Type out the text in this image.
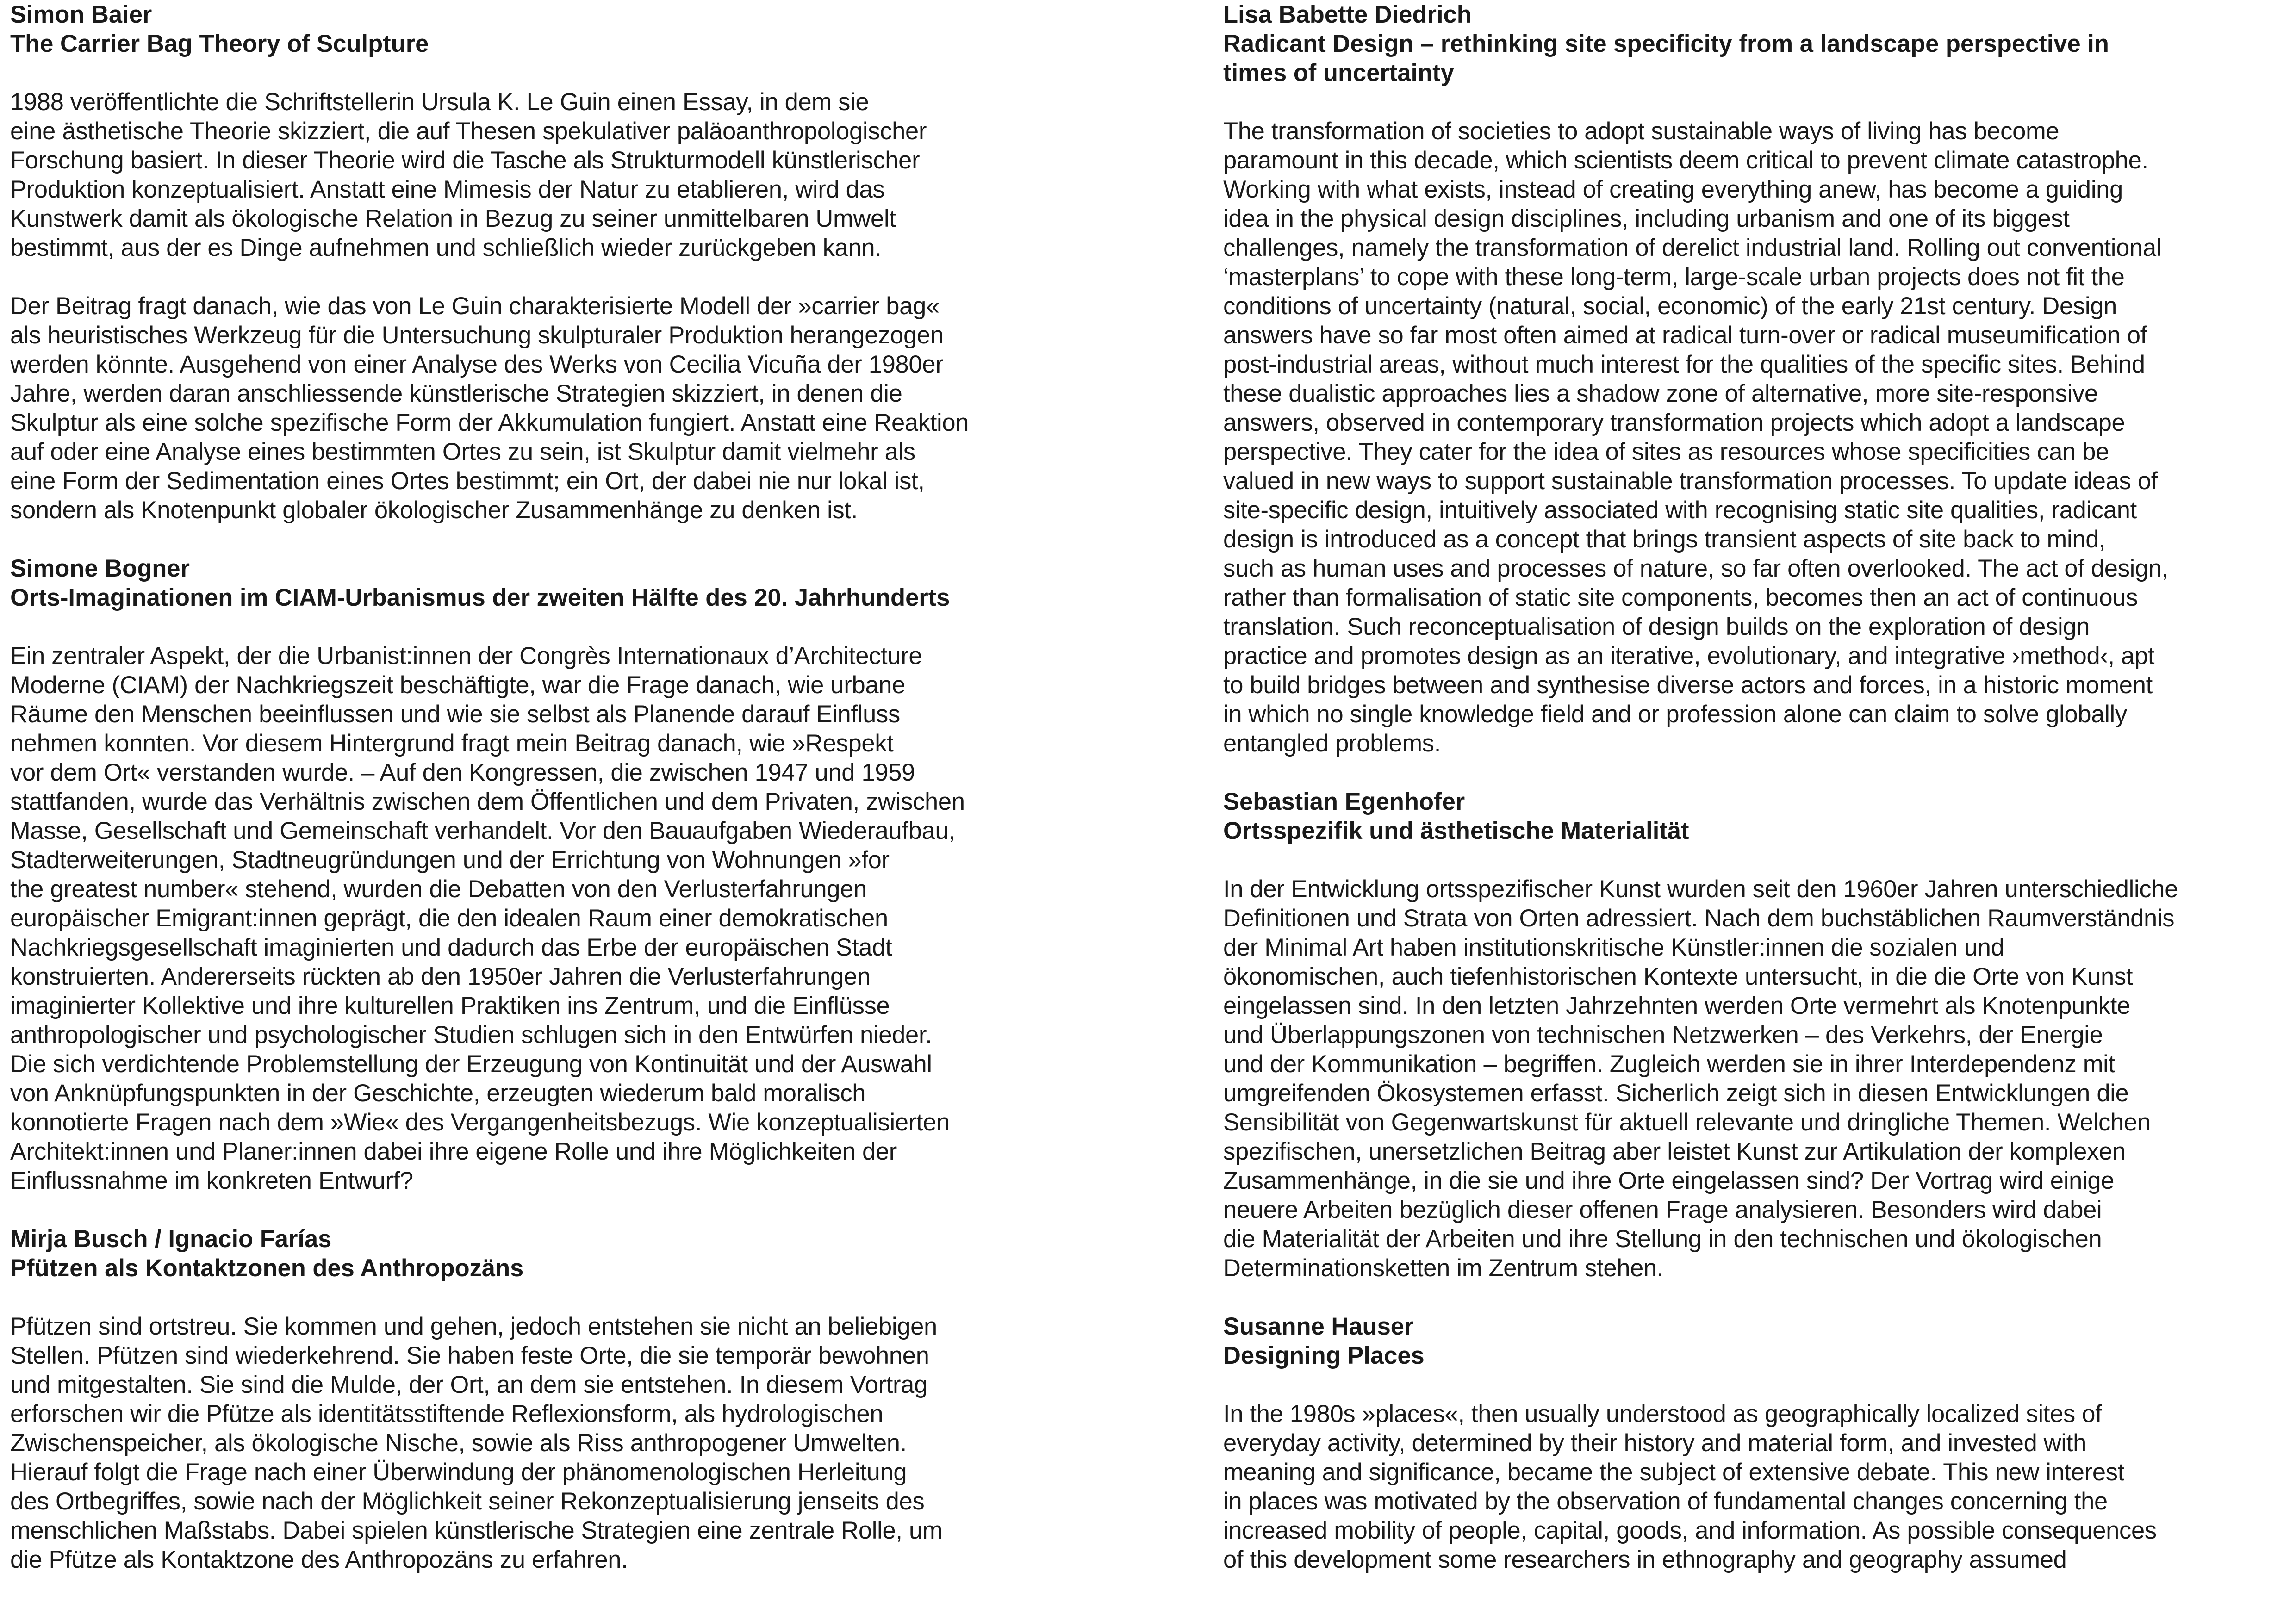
Simon Baier
The Carrier Bag Theory of Sculpture
1988 veröffentlichte die Schriftstellerin Ursula K. Le Guin einen Essay, in dem sie
eine ästhetische Theorie skizziert, die auf Thesen spekulativer paläoanthropologischer
Forschung basiert. In dieser Theorie wird die Tasche als Strukturmodell künstlerischer
Produktion konzeptualisiert. Anstatt eine Mimesis der Natur zu etablieren, wird das
Kunstwerk damit als ökologische Relation in Bezug zu seiner unmittelbaren Umwelt
bestimmt, aus der es Dinge aufnehmen und schließlich wieder zurückgeben kann.
Der Beitrag fragt danach, wie das von Le Guin charakterisierte Modell der »carrier bag«
als heuristisches Werkzeug für die Untersuchung skulpturaler Produktion herangezogen
werden könnte. Ausgehend von einer Analyse des Werks von Cecilia Vicuña der 1980er
Jahre, werden daran anschliessende künstlerische Strategien skizziert, in denen die
Skulptur als eine solche spezifische Form der Akkumulation fungiert. Anstatt eine Reaktion
auf oder eine Analyse eines bestimmten Ortes zu sein, ist Skulptur damit vielmehr als
eine Form der Sedimentation eines Ortes bestimmt; ein Ort, der dabei nie nur lokal ist,
sondern als Knotenpunkt globaler ökologischer Zusammenhänge zu denken ist.
Simone Bogner
Orts-Imaginationen im CIAM-Urbanismus der zweiten Hälfte des 20. Jahrhunderts
Ein zentraler Aspekt, der die Urbanist:innen der Congrès Internationaux d’Architecture
Moderne (CIAM) der Nachkriegszeit beschäftigte, war die Frage danach, wie urbane
Räume den Menschen beeinflussen und wie sie selbst als Planende darauf Einfluss
nehmen konnten. Vor diesem Hintergrund fragt mein Beitrag danach, wie »Respekt
vor dem Ort« verstanden wurde. – Auf den Kongressen, die zwischen 1947 und 1959
stattfanden, wurde das Verhältnis zwischen dem Öffentlichen und dem Privaten, zwischen
Masse, Gesellschaft und Gemeinschaft verhandelt. Vor den Bauaufgaben Wiederaufbau,
Stadterweiterungen, Stadtneugründungen und der Errichtung von Wohnungen »for
the greatest number« stehend, wurden die Debatten von den Verlusterfahrungen
europäischer Emigrant:innen geprägt, die den idealen Raum einer demokratischen
Nachkriegsgesellschaft imaginierten und dadurch das Erbe der europäischen Stadt
konstruierten. Andererseits rückten ab den 1950er Jahren die Verlusterfahrungen
imaginierter Kollektive und ihre kulturellen Praktiken ins Zentrum, und die Einflüsse
anthropologischer und psychologischer Studien schlugen sich in den Entwürfen nieder.
Die sich verdichtende Problemstellung der Erzeugung von Kontinuität und der Auswahl
von Anknüpfungspunkten in der Geschichte, erzeugten wiederum bald moralisch
konnotierte Fragen nach dem »Wie« des Vergangenheitsbezugs. Wie konzeptualisierten
Architekt:innen und Planer:innen dabei ihre eigene Rolle und ihre Möglichkeiten der
Einflussnahme im konkreten Entwurf?
Mirja Busch / Ignacio Farías
Pfützen als Kontaktzonen des Anthropozäns
Pfützen sind ortstreu. Sie kommen und gehen, jedoch entstehen sie nicht an beliebigen
Stellen. Pfützen sind wiederkehrend. Sie haben feste Orte, die sie temporär bewohnen
und mitgestalten. Sie sind die Mulde, der Ort, an dem sie entstehen. In diesem Vortrag
erforschen wir die Pfütze als identitätsstiftende Reflexionsform, als hydrologischen
Zwischenspeicher, als ökologische Nische, sowie als Riss anthropogener Umwelten.
Hierauf folgt die Frage nach einer Überwindung der phänomenologischen Herleitung
des Ortbegriffes, sowie nach der Möglichkeit seiner Rekonzeptualisierung jenseits des
menschlichen Maßstabs. Dabei spielen künstlerische Strategien eine zentrale Rolle, um
die Pfütze als Kontaktzone des Anthropozäns zu erfahren.
Lisa Babette Diedrich
Radicant Design – rethinking site specificity from a landscape perspective in
times of uncertainty
The transformation of societies to adopt sustainable ways of living has become
paramount in this decade, which scientists deem critical to prevent climate catastrophe.
Working with what exists, instead of creating everything anew, has become a guiding
idea in the physical design disciplines, including urbanism and one of its biggest
challenges, namely the transformation of derelict industrial land. Rolling out conventional
‘masterplans’ to cope with these long-term, large-scale urban projects does not fit the
conditions of uncertainty (natural, social, economic) of the early 21st century. Design
answers have so far most often aimed at radical turn-over or radical museumification of
post-industrial areas, without much interest for the qualities of the specific sites. Behind
these dualistic approaches lies a shadow zone of alternative, more site-responsive
answers, observed in contemporary transformation projects which adopt a landscape
perspective. They cater for the idea of sites as resources whose specificities can be
valued in new ways to support sustainable transformation processes. To update ideas of
site-specific design, intuitively associated with recognising static site qualities, radicant
design is introduced as a concept that brings transient aspects of site back to mind,
such as human uses and processes of nature, so far often overlooked. The act of design,
rather than formalisation of static site components, becomes then an act of continuous
translation. Such reconceptualisation of design builds on the exploration of design
practice and promotes design as an iterative, evolutionary, and integrative ›method‹, apt
to build bridges between and synthesise diverse actors and forces, in a historic moment
in which no single knowledge field and or profession alone can claim to solve globally
entangled problems.
Sebastian Egenhofer
Ortsspezifik und ästhetische Materialität
In der Entwicklung ortsspezifischer Kunst wurden seit den 1960er Jahren unterschiedliche
Definitionen und Strata von Orten adressiert. Nach dem buchstäblichen Raumverständnis
der Minimal Art haben institutionskritische Künstler:innen die sozialen und
ökonomischen, auch tiefenhistorischen Kontexte untersucht, in die die Orte von Kunst
eingelassen sind. In den letzten Jahrzehnten werden Orte vermehrt als Knotenpunkte
und Überlappungszonen von technischen Netzwerken – des Verkehrs, der Energie
und der Kommunikation – begriffen. Zugleich werden sie in ihrer Interdependenz mit
umgreifenden Ökosystemen erfasst. Sicherlich zeigt sich in diesen Entwicklungen die
Sensibilität von Gegenwartskunst für aktuell relevante und dringliche Themen. Welchen
spezifischen, unersetzlichen Beitrag aber leistet Kunst zur Artikulation der komplexen
Zusammenhänge, in die sie und ihre Orte eingelassen sind? Der Vortrag wird einige
neuere Arbeiten bezüglich dieser offenen Frage analysieren. Besonders wird dabei
die Materialität der Arbeiten und ihre Stellung in den technischen und ökologischen
Determinationsketten im Zentrum stehen.
Susanne Hauser
Designing Places
In the 1980s »places«, then usually understood as geographically localized sites of
everyday activity, determined by their history and material form, and invested with
meaning and significance, became the subject of extensive debate. This new interest
in places was motivated by the observation of fundamental changes concerning the
increased mobility of people, capital, goods, and information. As possible consequences
of this development some researchers in ethnography and geography assumed
